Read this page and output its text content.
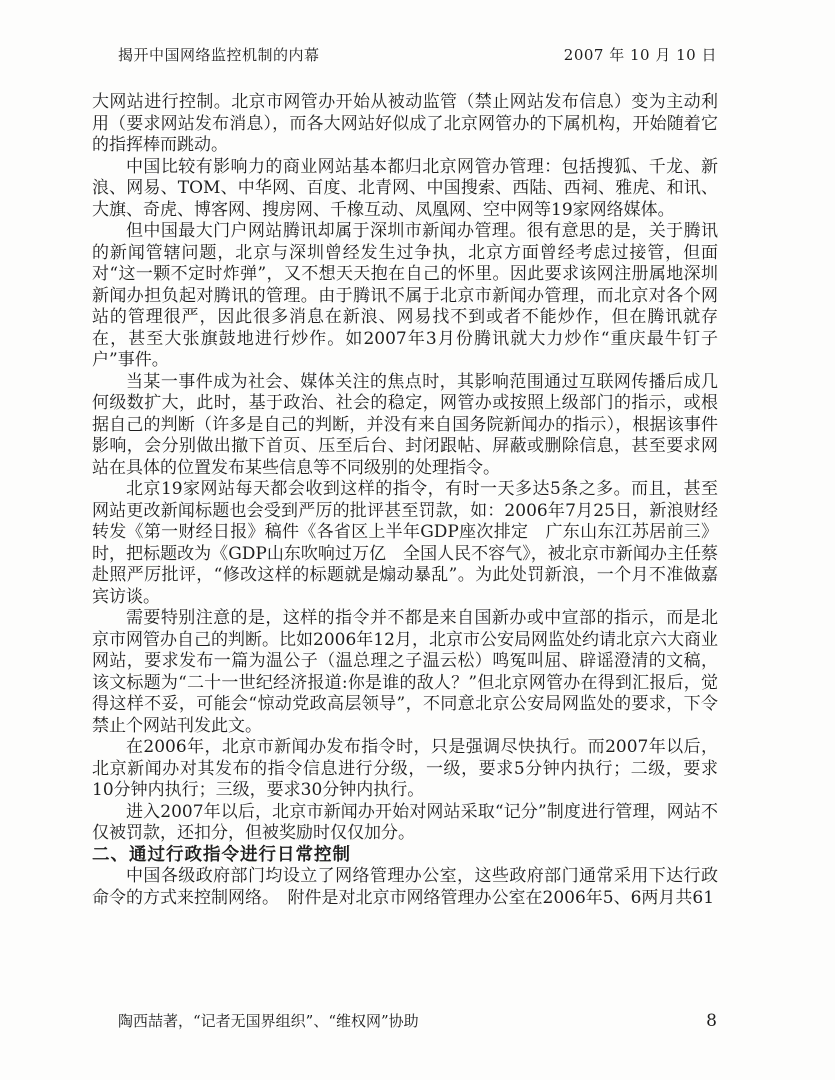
揭开中国网络监控机制的内幕	2007 年 10 月 10 日

大网站进行控制。北京市网管办开始从被动监管（禁止网站发布信息）变为主动利用（要求网站发布消息），而各大网站好似成了北京网管办的下属机构，开始随着它的指挥棒而跳动。

中国比较有影响力的商业网站基本都归北京网管办管理：包括搜狐、千龙、新浪、网易、TOM、中华网、百度、北青网、中国搜索、西陆、西祠、雅虎、和讯、大旗、奇虎、博客网、搜房网、千橡互动、凤凰网、空中网等19家网络媒体。

但中国最大门户网站腾讯却属于深圳市新闻办管理。很有意思的是，关于腾讯的新闻管辖问题，北京与深圳曾经发生过争执，北京方面曾经考虑过接管，但面对“这一颗不定时炸弹”，又不想天天抱在自己的怀里。因此要求该网注册属地深圳新闻办担负起对腾讯的管理。由于腾讯不属于北京市新闻办管理，而北京对各个网站的管理很严，因此很多消息在新浪、网易找不到或者不能炒作，但在腾讯就存在，甚至大张旗鼓地进行炒作。如2007年3月份腾讯就大力炒作“重庆最牛钉子户”事件。

当某一事件成为社会、媒体关注的焦点时，其影响范围通过互联网传播后成几何级数扩大，此时，基于政治、社会的稳定，网管办或按照上级部门的指示，或根据自己的判断（许多是自己的判断，并没有来自国务院新闻办的指示），根据该事件影响，会分别做出撤下首页、压至后台、封闭跟帖、屏蔽或删除信息，甚至要求网站在具体的位置发布某些信息等不同级别的处理指令。

北京19家网站每天都会收到这样的指令，有时一天多达5条之多。而且，甚至网站更改新闻标题也会受到严厉的批评甚至罚款，如：2006年7月25日，新浪财经转发《第一财经日报》稿件《各省区上半年GDP座次排定　广东山东江苏居前三》时，把标题改为《GDP山东吹响过万亿　全国人民不容气》，被北京市新闻办主任蔡赴照严厉批评，“修改这样的标题就是煽动暴乱”。为此处罚新浪，一个月不准做嘉宾访谈。

需要特别注意的是，这样的指令并不都是来自国新办或中宣部的指示，而是北京市网管办自己的判断。比如2006年12月，北京市公安局网监处约请北京六大商业网站，要求发布一篇为温公子（温总理之子温云松）鸣冤叫屈、辟谣澄清的文稿，该文标题为“二十一世纪经济报道:你是谁的敌人？”但北京网管办在得到汇报后，觉得这样不妥，可能会“惊动党政高层领导”，不同意北京公安局网监处的要求，下令禁止个网站刊发此文。

在2006年，北京市新闻办发布指令时，只是强调尽快执行。而2007年以后，北京新闻办对其发布的指令信息进行分级，一级，要求5分钟内执行；二级，要求10分钟内执行；三级，要求30分钟内执行。

进入2007年以后，北京市新闻办开始对网站采取“记分”制度进行管理，网站不仅被罚款，还扣分，但被奖励时仅仅加分。

二、通过行政指令进行日常控制

中国各级政府部门均设立了网络管理办公室，这些政府部门通常采用下达行政命令的方式来控制网络。　附件是对北京市网络管理办公室在2006年5、6两月共61

陶西喆著，“记者无国界组织”、“维权网”协助	8
